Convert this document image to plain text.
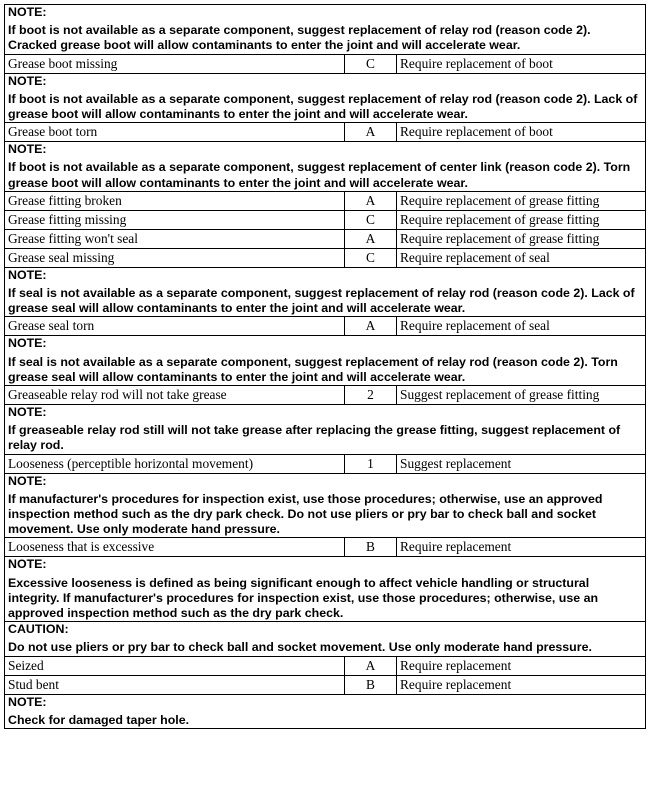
NOTE:
If boot is not available as a separate component, suggest replacement of relay rod (reason code 2). Cracked grease boot will allow contaminants to enter the joint and will accelerate wear.		

Grease boot missing	C	Require replacement of boot

NOTE:
If boot is not available as a separate component, suggest replacement of relay rod (reason code 2). Lack of grease boot will allow contaminants to enter the joint and will accelerate wear.		

Grease boot torn	A	Require replacement of boot

NOTE:
If boot is not available as a separate component, suggest replacement of center link (reason code 2). Torn grease boot will allow contaminants to enter the joint and will accelerate wear.		

Grease fitting broken	A	Require replacement of grease fitting
Grease fitting missing	C	Require replacement of grease fitting
Grease fitting won't seal	A	Require replacement of grease fitting
Grease seal missing	C	Require replacement of seal

NOTE:
If seal is not available as a separate component, suggest replacement of relay rod (reason code 2). Lack of grease seal will allow contaminants to enter the joint and will accelerate wear.		

Grease seal torn	A	Require replacement of seal

NOTE:
If seal is not available as a separate component, suggest replacement of relay rod (reason code 2). Torn grease seal will allow contaminants to enter the joint and will accelerate wear.		

Greaseable relay rod will not take grease	2	Suggest replacement of grease fitting

NOTE:
If greaseable relay rod still will not take grease after replacing the grease fitting, suggest replacement of relay rod.		

Looseness (perceptible horizontal movement)	1	Suggest replacement

NOTE:
If manufacturer's procedures for inspection exist, use those procedures; otherwise, use an approved inspection method such as the dry park check. Do not use pliers or pry bar to check ball and socket movement. Use only moderate hand pressure.		

Looseness that is excessive	B	Require replacement

NOTE:
Excessive looseness is defined as being significant enough to affect vehicle handling or structural integrity. If manufacturer's procedures for inspection exist, use those procedures; otherwise, use an approved inspection method such as the dry park check.		

CAUTION:
Do not use pliers or pry bar to check ball and socket movement. Use only moderate hand pressure.		

Seized	A	Require replacement
Stud bent	B	Require replacement

NOTE:
Check for damaged taper hole.		
